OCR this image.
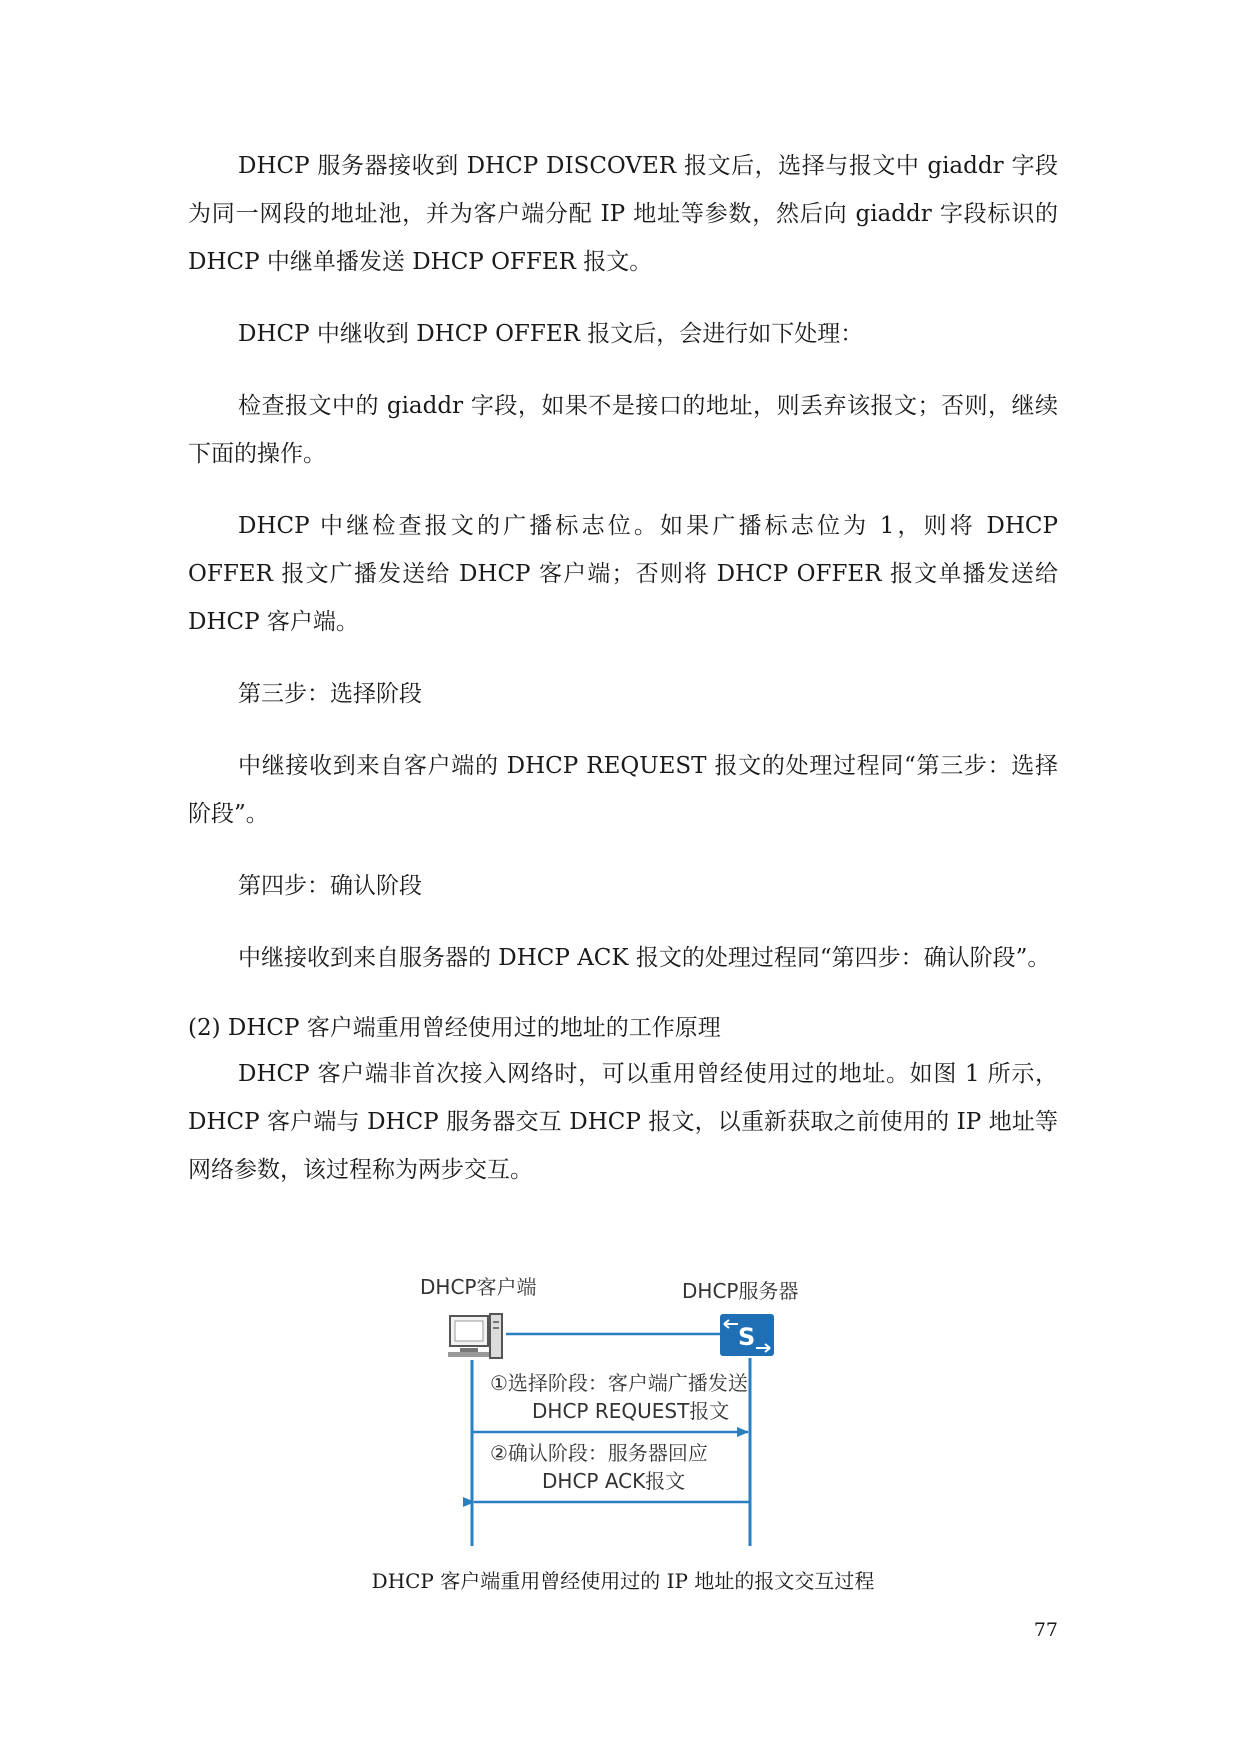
DHCP 服务器接收到 DHCP DISCOVER 报文后，选择与报文中 giaddr 字段为同一网段的地址池，并为客户端分配 IP 地址等参数，然后向 giaddr 字段标识的 DHCP 中继单播发送 DHCP OFFER 报文。

DHCP 中继收到 DHCP OFFER 报文后，会进行如下处理：

检查报文中的 giaddr 字段，如果不是接口的地址，则丢弃该报文；否则，继续下面的操作。

DHCP 中继检查报文的广播标志位。如果广播标志位为 1，则将 DHCP OFFER 报文广播发送给 DHCP 客户端；否则将 DHCP OFFER 报文单播发送给 DHCP 客户端。

第三步：选择阶段

中继接收到来自客户端的 DHCP REQUEST 报文的处理过程同“第三步：选择阶段”。

第四步：确认阶段

中继接收到来自服务器的 DHCP ACK 报文的处理过程同“第四步：确认阶段”。

(2) DHCP 客户端重用曾经使用过的地址的工作原理

DHCP 客户端非首次接入网络时，可以重用曾经使用过的地址。如图 1 所示，DHCP 客户端与 DHCP 服务器交互 DHCP 报文，以重新获取之前使用的 IP 地址等网络参数，该过程称为两步交互。

DHCP客户端	DHCP服务器
S
①选择阶段：客户端广播发送
DHCP REQUEST报文
②确认阶段：服务器回应
DHCP ACK报文
DHCP 客户端重用曾经使用过的 IP 地址的报文交互过程
77
